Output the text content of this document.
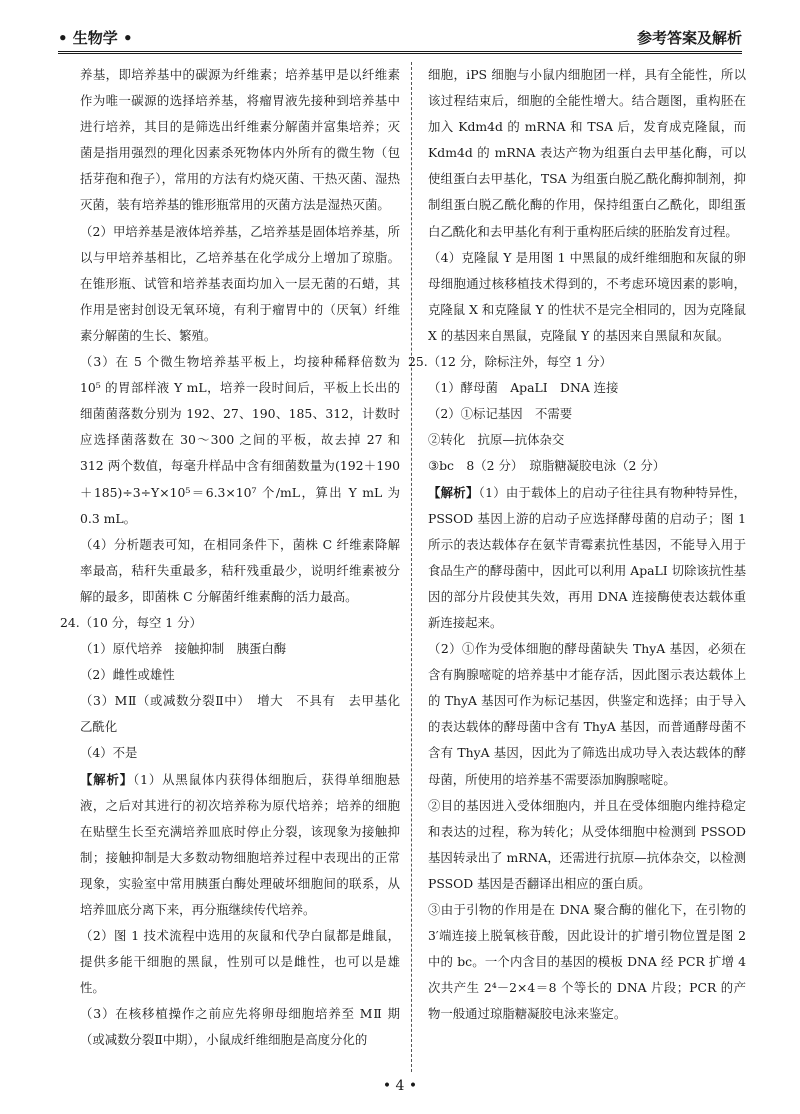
• 生物学 •	参考答案及解析

养基，即培养基中的碳源为纤维素；培养基甲是以纤维素作为唯一碳源的选择培养基，将瘤胃液先接种到培养基中进行培养，其目的是筛选出纤维素分解菌并富集培养；灭菌是指用强烈的理化因素杀死物体内外所有的微生物（包括芽孢和孢子），常用的方法有灼烧灭菌、干热灭菌、湿热灭菌，装有培养基的锥形瓶常用的灭菌方法是湿热灭菌。

（2）甲培养基是液体培养基，乙培养基是固体培养基，所以与甲培养基相比，乙培养基在化学成分上增加了琼脂。在锥形瓶、试管和培养基表面均加入一层无菌的石蜡，其作用是密封创设无氧环境，有利于瘤胃中的（厌氧）纤维素分解菌的生长、繁殖。

（3）在 5 个微生物培养基平板上，均接种稀释倍数为 10⁵ 的胃部样液 Y mL，培养一段时间后，平板上长出的细菌菌落数分别为 192、27、190、185、312，计数时应选择菌落数在 30～300 之间的平板，故去掉 27 和 312 两个数值，每毫升样品中含有细菌数量为(192＋190＋185)÷3÷Y×10⁵＝6.3×10⁷ 个/mL，算出 Y mL 为 0.3 mL。

（4）分析题表可知，在相同条件下，菌株 C 纤维素降解率最高，秸秆失重最多，秸秆残重最少，说明纤维素被分解的最多，即菌株 C 分解菌纤维素酶的活力最高。

24.（10 分，每空 1 分）

（1）原代培养　接触抑制　胰蛋白酶

（2）雌性或雄性

（3）MⅡ（或减数分裂Ⅱ中）　增大　不具有　去甲基化　乙酰化

（4）不是

【解析】（1）从黑鼠体内获得体细胞后，获得单细胞悬液，之后对其进行的初次培养称为原代培养；培养的细胞在贴壁生长至充满培养皿底时停止分裂，该现象为接触抑制；接触抑制是大多数动物细胞培养过程中表现出的正常现象，实验室中常用胰蛋白酶处理破坏细胞间的联系，从培养皿底分离下来，再分瓶继续传代培养。

（2）图 1 技术流程中选用的灰鼠和代孕白鼠都是雌鼠，提供多能干细胞的黑鼠，性别可以是雌性，也可以是雄性。

（3）在核移植操作之前应先将卵母细胞培养至 MⅡ 期（或减数分裂Ⅱ中期），小鼠成纤维细胞是高度分化的

细胞，iPS 细胞与小鼠内细胞团一样，具有全能性，所以该过程结束后，细胞的全能性增大。结合题图，重构胚在加入 Kdm4d 的 mRNA 和 TSA 后，发育成克隆鼠，而 Kdm4d 的 mRNA 表达产物为组蛋白去甲基化酶，可以使组蛋白去甲基化，TSA 为组蛋白脱乙酰化酶抑制剂，抑制组蛋白脱乙酰化酶的作用，保持组蛋白乙酰化，即组蛋白乙酰化和去甲基化有利于重构胚后续的胚胎发育过程。

（4）克隆鼠 Y 是用图 1 中黑鼠的成纤维细胞和灰鼠的卵母细胞通过核移植技术得到的，不考虑环境因素的影响，克隆鼠 X 和克隆鼠 Y 的性状不是完全相同的，因为克隆鼠 X 的基因来自黑鼠，克隆鼠 Y 的基因来自黑鼠和灰鼠。

25.（12 分，除标注外，每空 1 分）

（1）酵母菌　ApaLⅠ　DNA 连接

（2）①标记基因　不需要

②转化　抗原—抗体杂交

③bc　8（2 分）　琼脂糖凝胶电泳（2 分）

【解析】（1）由于载体上的启动子往往具有物种特异性，PSSOD 基因上游的启动子应选择酵母菌的启动子；图 1 所示的表达载体存在氨苄青霉素抗性基因，不能导入用于食品生产的酵母菌中，因此可以利用 ApaLⅠ 切除该抗性基因的部分片段使其失效，再用 DNA 连接酶使表达载体重新连接起来。

（2）①作为受体细胞的酵母菌缺失 ThyA 基因，必须在含有胸腺嘧啶的培养基中才能存活，因此图示表达载体上的 ThyA 基因可作为标记基因，供鉴定和选择；由于导入的表达载体的酵母菌中含有 ThyA 基因，而普通酵母菌不含有 ThyA 基因，因此为了筛选出成功导入表达载体的酵母菌，所使用的培养基不需要添加胸腺嘧啶。

②目的基因进入受体细胞内，并且在受体细胞内维持稳定和表达的过程，称为转化；从受体细胞中检测到 PSSOD 基因转录出了 mRNA，还需进行抗原—抗体杂交，以检测 PSSOD 基因是否翻译出相应的蛋白质。

③由于引物的作用是在 DNA 聚合酶的催化下，在引物的 3′端连接上脱氧核苷酸，因此设计的扩增引物位置是图 2 中的 bc。一个内含目的基因的模板 DNA 经 PCR 扩增 4 次共产生 2⁴－2×4＝8 个等长的 DNA 片段；PCR 的产物一般通过琼脂糖凝胶电泳来鉴定。

• 4 •
